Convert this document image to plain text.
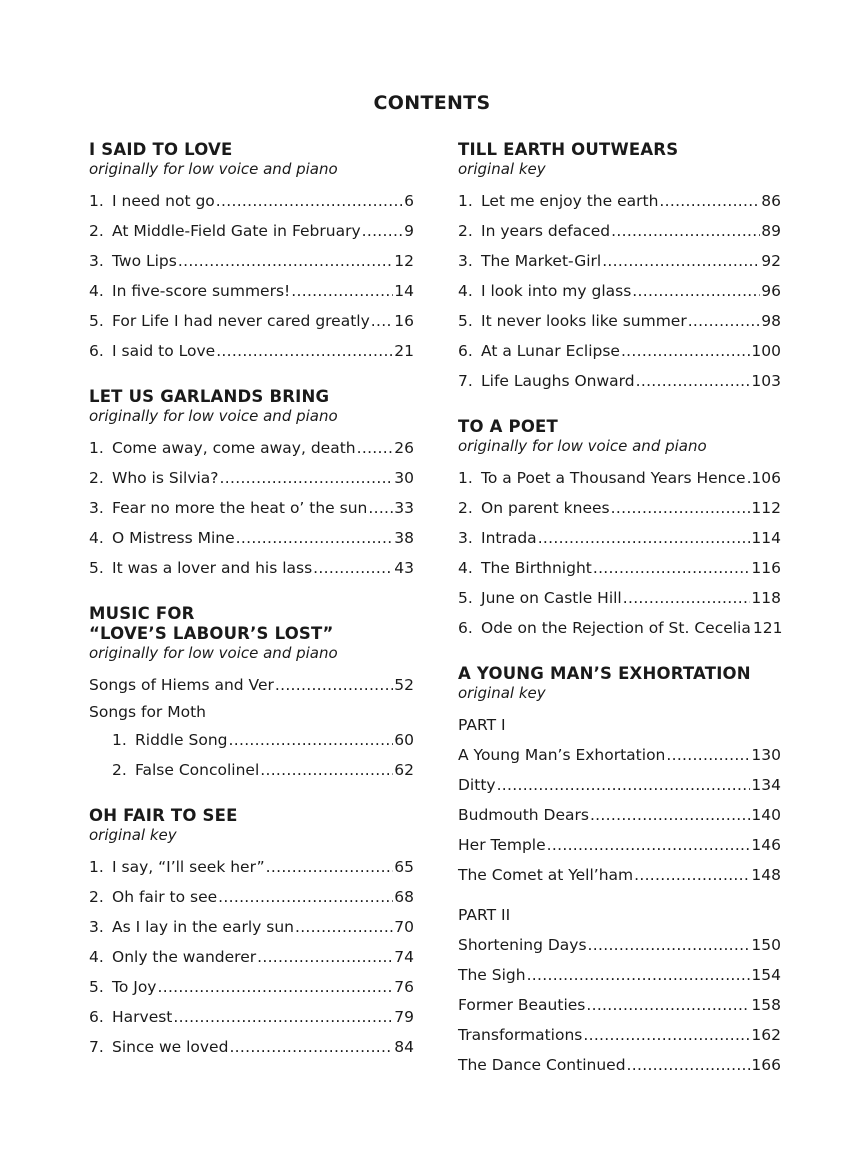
CONTENTS
I SAID TO LOVE
originally for low voice and piano
1. I need not go .....	6
2. At Middle-Field Gate in February .....	9
3. Two Lips .....	12
4. In five-score summers! .....	14
5. For Life I had never cared greatly ..... 16
6. I said to Love .....	21
LET US GARLANDS BRING
originally for low voice and piano
1. Come away, come away, death ..... 26
2. Who is Silvia? .....	30
3. Fear no more the heat o’ the sun ..... 33
4. O Mistress Mine .....	38
5. It was a lover and his lass .....	43
MUSIC FOR
“LOVE’S LABOUR’S LOST”
originally for low voice and piano
Songs of Hiems and Ver .....	52
Songs for Moth
1. Riddle Song .....	60
2. False Concolinel .....	62
OH FAIR TO SEE
original key
1. I say, “I’ll seek her” .....	65
2. Oh fair to see .....	68
3. As I lay in the early sun .....	70
4. Only the wanderer .....	74
5. To Joy .....	76
6. Harvest .....	79
7. Since we loved .....	84
TILL EARTH OUTWEARS
original key
1. Let me enjoy the earth .....	86
2. In years defaced .....	89
3. The Market-Girl .....	92
4. I look into my glass .....	96
5. It never looks like summer .....	98
6. At a Lunar Eclipse .....	100
7. Life Laughs Onward .....	103
TO A POET
originally for low voice and piano
1. To a Poet a Thousand Years Hence ..... 106
2. On parent knees .....	112
3. Intrada .....	114
4. The Birthnight .....	116
5. June on Castle Hill .....	118
6. Ode on the Rejection of St. Cecelia 121
A YOUNG MAN’S EXHORTATION
original key
PART I
A Young Man’s Exhortation .....	130
Ditty .....	134
Budmouth Dears .....	140
Her Temple .....	146
The Comet at Yell’ham .....	148
PART II
Shortening Days .....	150
The Sigh .....	154
Former Beauties .....	158
Transformations .....	162
The Dance Continued .....	166
